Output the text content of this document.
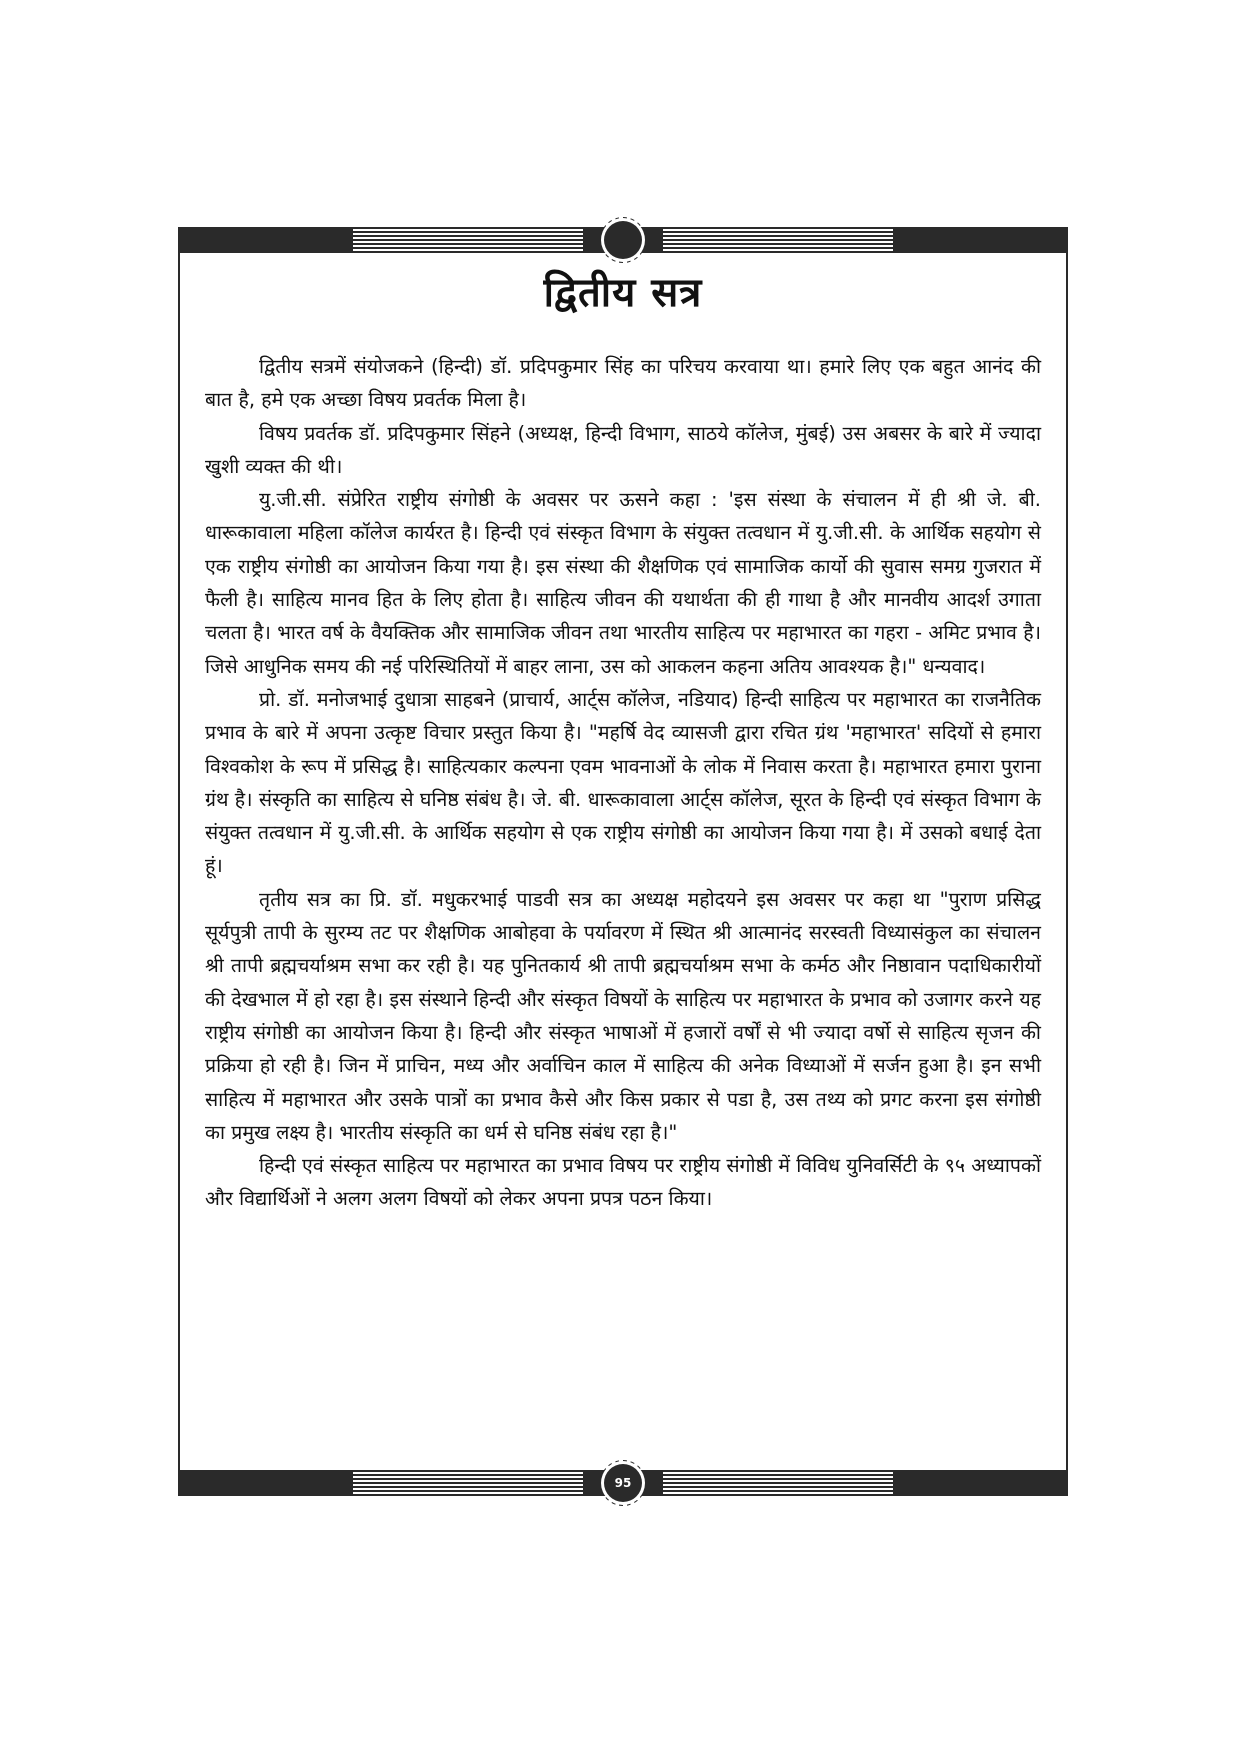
द्वितीय सत्र

द्वितीय सत्रमें संयोजकने (हिन्दी) डॉ. प्रदिपकुमार सिंह का परिचय करवाया था। हमारे लिए एक बहुत आनंद की बात है, हमे एक अच्छा विषय प्रवर्तक मिला है।

विषय प्रवर्तक डॉ. प्रदिपकुमार सिंहने (अध्यक्ष, हिन्दी विभाग, साठये कॉलेज, मुंबई) उस अबसर के बारे में ज्यादा खुशी व्यक्त की थी।

यु.जी.सी. संप्रेरित राष्ट्रीय संगोष्ठी के अवसर पर ऊसने कहा : 'इस संस्था के संचालन में ही श्री जे. बी. धारूकावाला महिला कॉलेज कार्यरत है। हिन्दी एवं संस्कृत विभाग के संयुक्त तत्वधान में यु.जी.सी. के आर्थिक सहयोग से एक राष्ट्रीय संगोष्ठी का आयोजन किया गया है। इस संस्था की शैक्षणिक एवं सामाजिक कार्यो की सुवास समग्र गुजरात में फैली है। साहित्य मानव हित के लिए होता है। साहित्य जीवन की यथार्थता की ही गाथा है और मानवीय आदर्श उगाता चलता है। भारत वर्ष के वैयक्तिक और सामाजिक जीवन तथा भारतीय साहित्य पर महाभारत का गहरा - अमिट प्रभाव है। जिसे आधुनिक समय की नई परिस्थितियों में बाहर लाना, उस को आकलन कहना अतिय आवश्यक है।" धन्यवाद।

प्रो. डॉ. मनोजभाई दुधात्रा साहबने (प्राचार्य, आर्ट्स कॉलेज, नडियाद) हिन्दी साहित्य पर महाभारत का राजनैतिक प्रभाव के बारे में अपना उत्कृष्ट विचार प्रस्तुत किया है। "महर्षि वेद व्यासजी द्वारा रचित ग्रंथ 'महाभारत' सदियों से हमारा विश्वकोश के रूप में प्रसिद्ध है। साहित्यकार कल्पना एवम भावनाओं के लोक में निवास करता है। महाभारत हमारा पुराना ग्रंथ है। संस्कृति का साहित्य से घनिष्ठ संबंध है। जे. बी. धारूकावाला आर्ट्स कॉलेज, सूरत के हिन्दी एवं संस्कृत विभाग के संयुक्त तत्वधान में यु.जी.सी. के आर्थिक सहयोग से एक राष्ट्रीय संगोष्ठी का आयोजन किया गया है। में उसको बधाई देता हूं।

तृतीय सत्र का प्रि. डॉ. मधुकरभाई पाडवी सत्र का अध्यक्ष महोदयने इस अवसर पर कहा था "पुराण प्रसिद्ध सूर्यपुत्री तापी के सुरम्य तट पर शैक्षणिक आबोहवा के पर्यावरण में स्थित श्री आत्मानंद सरस्वती विध्यासंकुल का संचालन श्री तापी ब्रह्मचर्याश्रम सभा कर रही है। यह पुनितकार्य श्री तापी ब्रह्मचर्याश्रम सभा के कर्मठ और निष्ठावान पदाधिकारीयों की देखभाल में हो रहा है। इस संस्थाने हिन्दी और संस्कृत विषयों के साहित्य पर महाभारत के प्रभाव को उजागर करने यह राष्ट्रीय संगोष्ठी का आयोजन किया है। हिन्दी और संस्कृत भाषाओं में हजारों वर्षों से भी ज्यादा वर्षो से साहित्य सृजन की प्रक्रिया हो रही है। जिन में प्राचिन, मध्य और अर्वाचिन काल में साहित्य की अनेक विध्याओं में सर्जन हुआ है। इन सभी साहित्य में महाभारत और उसके पात्रों का प्रभाव कैसे और किस प्रकार से पडा है, उस तथ्य को प्रगट करना इस संगोष्ठी का प्रमुख लक्ष्य है। भारतीय संस्कृति का धर्म से घनिष्ठ संबंध रहा है।"

हिन्दी एवं संस्कृत साहित्य पर महाभारत का प्रभाव विषय पर राष्ट्रीय संगोष्ठी में विविध युनिवर्सिटी के ९५ अध्यापकों और विद्यार्थिओं ने अलग अलग विषयों को लेकर अपना प्रपत्र पठन किया।

95
